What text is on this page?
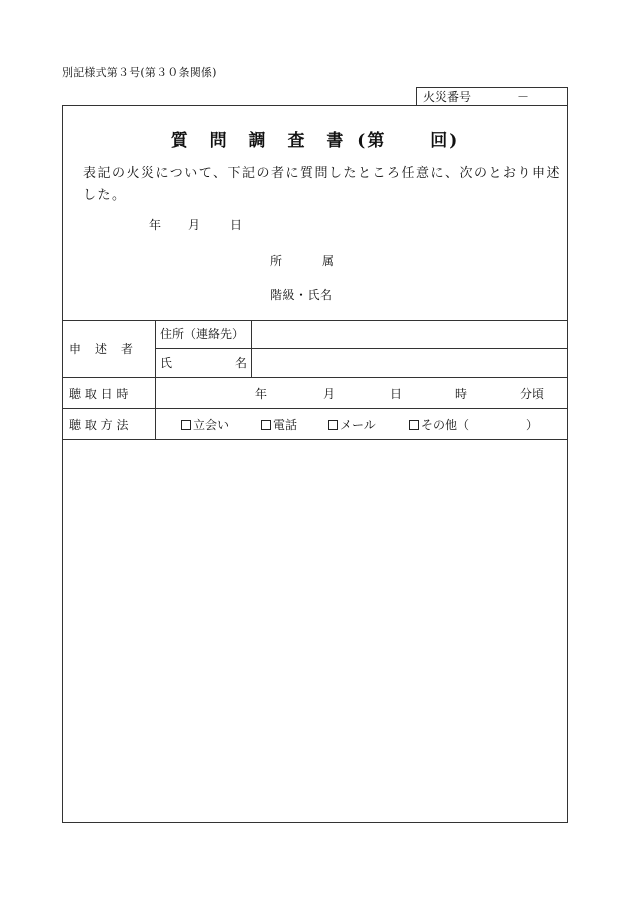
別記様式第３号(第３０条関係)
火災番号	－
質 問 調 査 書 (第	回)
表記の火災について、下記の者に質問したところ任意に、次のとおり申述した。
年 月 日
所	属
階級・氏名
申　述　者
住所（連絡先）
氏	名
聴 取 日 時	年	月	日	時	分頃
聴 取 方 法	立会い	電話	メール	その他（	）
